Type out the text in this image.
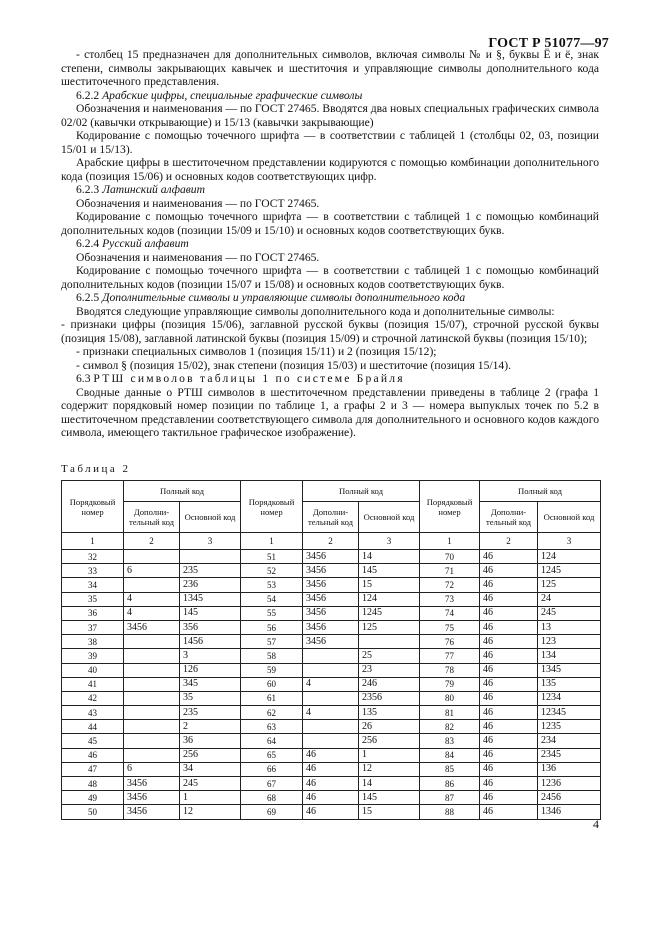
ГОСТ Р 51077—97

- столбец 15 предназначен для дополнительных символов, включая символы № и §, буквы Ё и ё, знак степени, символы закрывающих кавычек и шеститочия и управляющие символы дополнительного кода шеститочечного представления.

6.2.2 Арабские цифры, специальные графические символы

Обозначения и наименования — по ГОСТ 27465. Вводятся два новых специальных графических символа 02/02 (кавычки открывающие) и 15/13 (кавычки закрывающие)

Кодирование с помощью точечного шрифта — в соответствии с таблицей 1 (столбцы 02, 03, позиции 15/01 и 15/13).

Арабские цифры в шеститочечном представлении кодируются с помощью комбинации дополнительного кода (позиция 15/06) и основных кодов соответствующих цифр.

6.2.3 Латинский алфавит

Обозначения и наименования — по ГОСТ 27465.

Кодирование с помощью точечного шрифта — в соответствии с таблицей 1 с помощью комбинаций дополнительных кодов (позиции 15/09 и 15/10) и основных кодов соответствующих букв.

6.2.4 Русский алфавит

Обозначения и наименования — по ГОСТ 27465.

Кодирование с помощью точечного шрифта — в соответствии с таблицей 1 с помощью комбинаций дополнительных кодов (позиции 15/07 и 15/08) и основных кодов соответствующих букв.

6.2.5 Дополнительные символы и управляющие символы дополнительного кода

Вводятся следующие управляющие символы дополнительного кода и дополнительные символы:

- признаки цифры (позиция 15/06), заглавной русской буквы (позиция 15/07), строчной русской буквы (позиция 15/08), заглавной латинской буквы (позиция 15/09) и строчной латинской буквы (позиция 15/10);

- признаки специальных символов 1 (позиция 15/11) и 2 (позиция 15/12);

- символ § (позиция 15/02), знак степени (позиция 15/03) и шеститочие (позиция 15/14).

6.3 РТШ символов таблицы 1 по системе Брайля

Сводные данные о РТШ символов в шеститочечном представлении приведены в таблице 2 (графа 1 содержит порядковый номер позиции по таблице 1, а графы 2 и 3 — номера выпуклых точек по 5.2 в шеститочечном представлении соответствующего символа для дополнительного и основного кодов каждого символа, имеющего тактильное графическое изображение).

Таблица 2
Порядковый номер	Полный код		Порядковый номер	Полный код		Порядковый номер	Полный код	
	Дополни-тельный код	Основной код		Дополни-тельный код	Основной код		Дополни-тельный код	Основной код
1	2	3	1	2	3	1	2	3
32			51	3456	14	70	46	124
33	6	235	52	3456	145	71	46	1245
34		236	53	3456	15	72	46	125
35	4	1345	54	3456	124	73	46	24
36	4	145	55	3456	1245	74	46	245
37	3456	356	56	3456	125	75	46	13
38		1456	57	3456		76	46	123
39		3	58		25	77	46	134
40		126	59		23	78	46	1345
41		345	60	4	246	79	46	135
42		35	61		2356	80	46	1234
43		235	62	4	135	81	46	12345
44		2	63		26	82	46	1235
45		36	64		256	83	46	234
46		256	65	46	1	84	46	2345
47	6	34	66	46	12	85	46	136
48	3456	245	67	46	14	86	46	1236
49	3456	1	68	46	145	87	46	2456
50	3456	12	69	46	15	88	46	1346
4
